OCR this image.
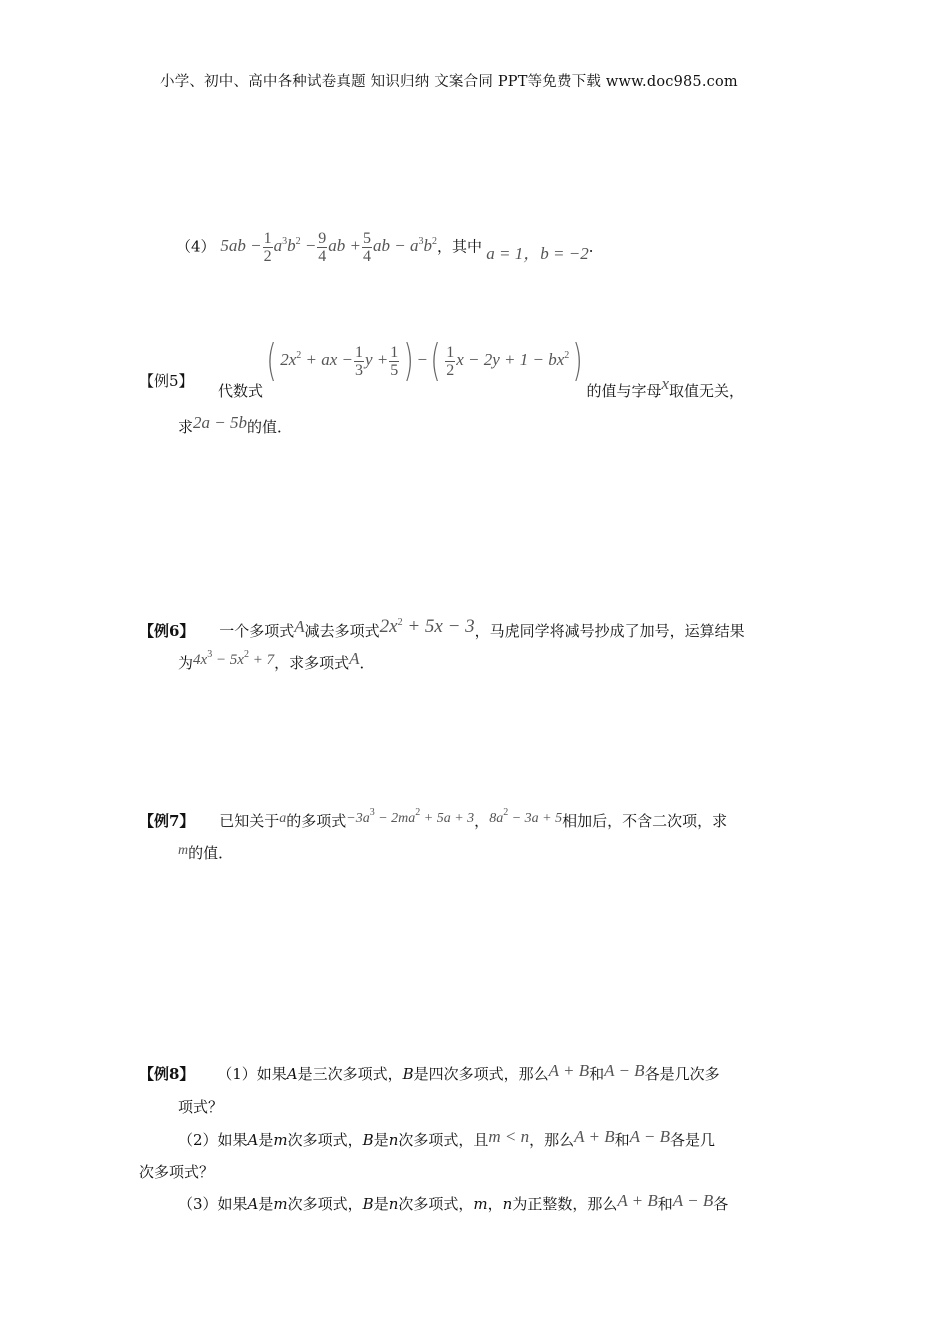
小学、初中、高中各种试卷真题 知识归纳 文案合同 PPT等免费下载 www.doc985.com
（4） $5ab - \frac{1}{2} a^3b^2 - \frac{9}{4}$ ab + $\frac{5}{4}$ ab − $a^3b^2$，其中 a = 1，b = −2．
【例5】
代数式( $2x^2$ + ax − $\frac{1}{3}$ $y + \frac{1}{5}$ ) −( $\frac{1}{2}$ $x - 2y + 1 - bx^2$)的值与字母x取值无关，
求2a − 5b的值．
【例6】 一个多项式A减去多项式$2x^2 + 5x - 3$，马虎同学将减号抄成了加号，运算结果
为$4x^3 - 5x^2 + 7$，求多项式A．
【例7】 已知关于a的多项式$-3a^3 - 2ma^2 + 5a + 3$，$8a^2 - 3a + 5$相加后，不含二次项，求
m的值．
【例8】 （1）如果A是三次多项式，B是四次多项式，那么A + B和A − B各是几次多
项式？
（2）如果A是m次多项式，B是n次多项式，且m < n，那么A + B和A − B各是几
次多项式？
（3）如果A是m次多项式，B是n次多项式，m，n为正整数，那么A + B和A − B各
